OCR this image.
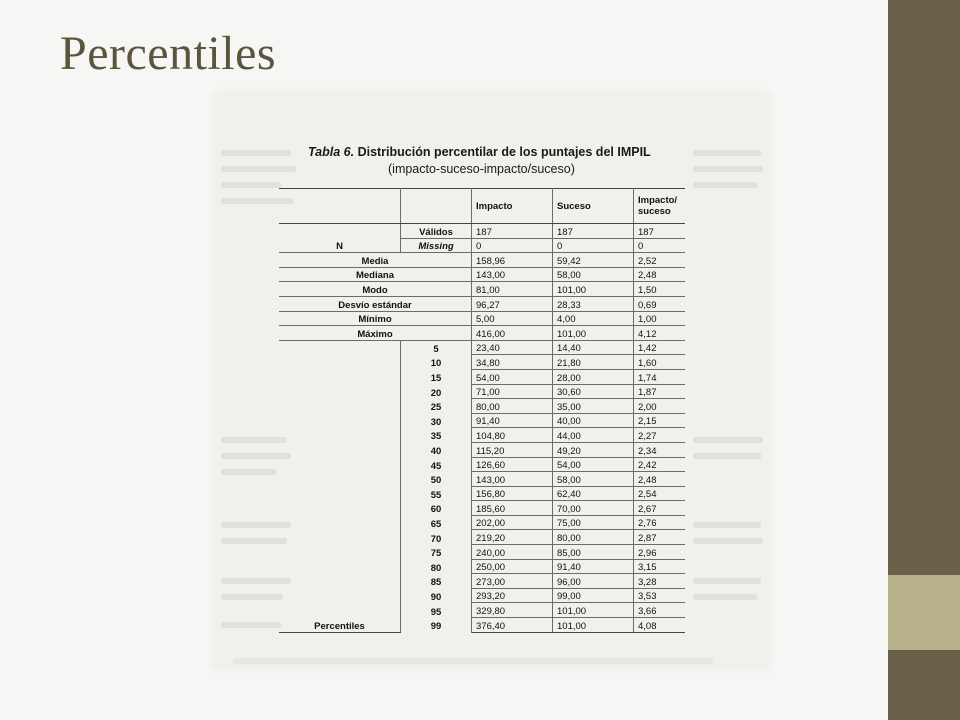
Percentiles
Tabla 6. Distribución percentilar de los puntajes del IMPIL
(impacto-suceso-impacto/suceso)
		Impacto	Suceso	Impacto/
suceso
N	Válidos	187	187	187
	Missing	0	0	0
Media		158,96	59,42	2,52
Mediana		143,00	58,00	2,48
Modo		81,00	101,00	1,50
Desvío estándar		96,27	28,33	0,69
Mínimo		5,00	4,00	1,00
Máximo		416,00	101,00	4,12
Percentiles	5	23,40	14,40	1,42
	10	34,80	21,80	1,60
	15	54,00	28,00	1,74
	20	71,00	30,60	1,87
	25	80,00	35,00	2,00
	30	91,40	40,00	2,15
	35	104,80	44,00	2,27
	40	115,20	49,20	2,34
	45	126,60	54,00	2,42
	50	143,00	58,00	2,48
	55	156,80	62,40	2,54
	60	185,60	70,00	2,67
	65	202,00	75,00	2,76
	70	219,20	80,00	2,87
	75	240,00	85,00	2,96
	80	250,00	91,40	3,15
	85	273,00	96,00	3,28
	90	293,20	99,00	3,53
	95	329,80	101,00	3,66
	99	376,40	101,00	4,08
